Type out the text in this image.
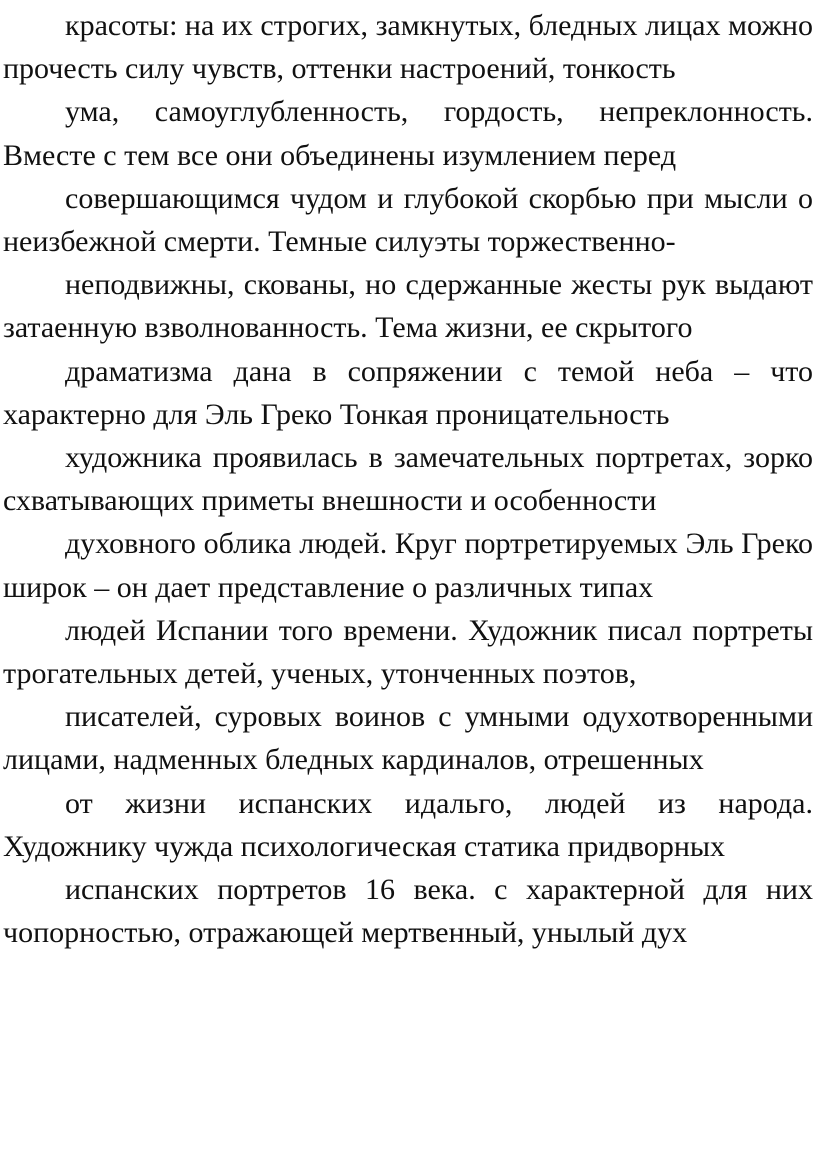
красоты: на их строгих, замкнутых, бледных лицах можно прочесть силу чувств, оттенки настроений, тонкость

ума, самоуглубленность, гордость, непреклонность. Вместе с тем все они объединены изумлением перед

совершающимся чудом и глубокой скорбью при мысли о неизбежной смерти. Темные силуэты торжественно-

неподвижны, скованы, но сдержанные жесты рук выдают затаенную взволнованность. Тема жизни, ее скрытого

драматизма дана в сопряжении с темой неба – что характерно для Эль Греко Тонкая проницательность

художника проявилась в замечательных портретах, зорко схватывающих приметы внешности и особенности

духовного облика людей. Круг портретируемых Эль Греко широк – он дает представление о различных типах

людей Испании того времени. Художник писал портреты трогательных детей, ученых, утонченных поэтов,

писателей, суровых воинов с умными одухотворенными лицами, надменных бледных кардиналов, отрешенных

от жизни испанских идальго, людей из народа. Художнику чужда психологическая статика придворных

испанских портретов 16 века. с характерной для них чопорностью, отражающей мертвенный, унылый дух
